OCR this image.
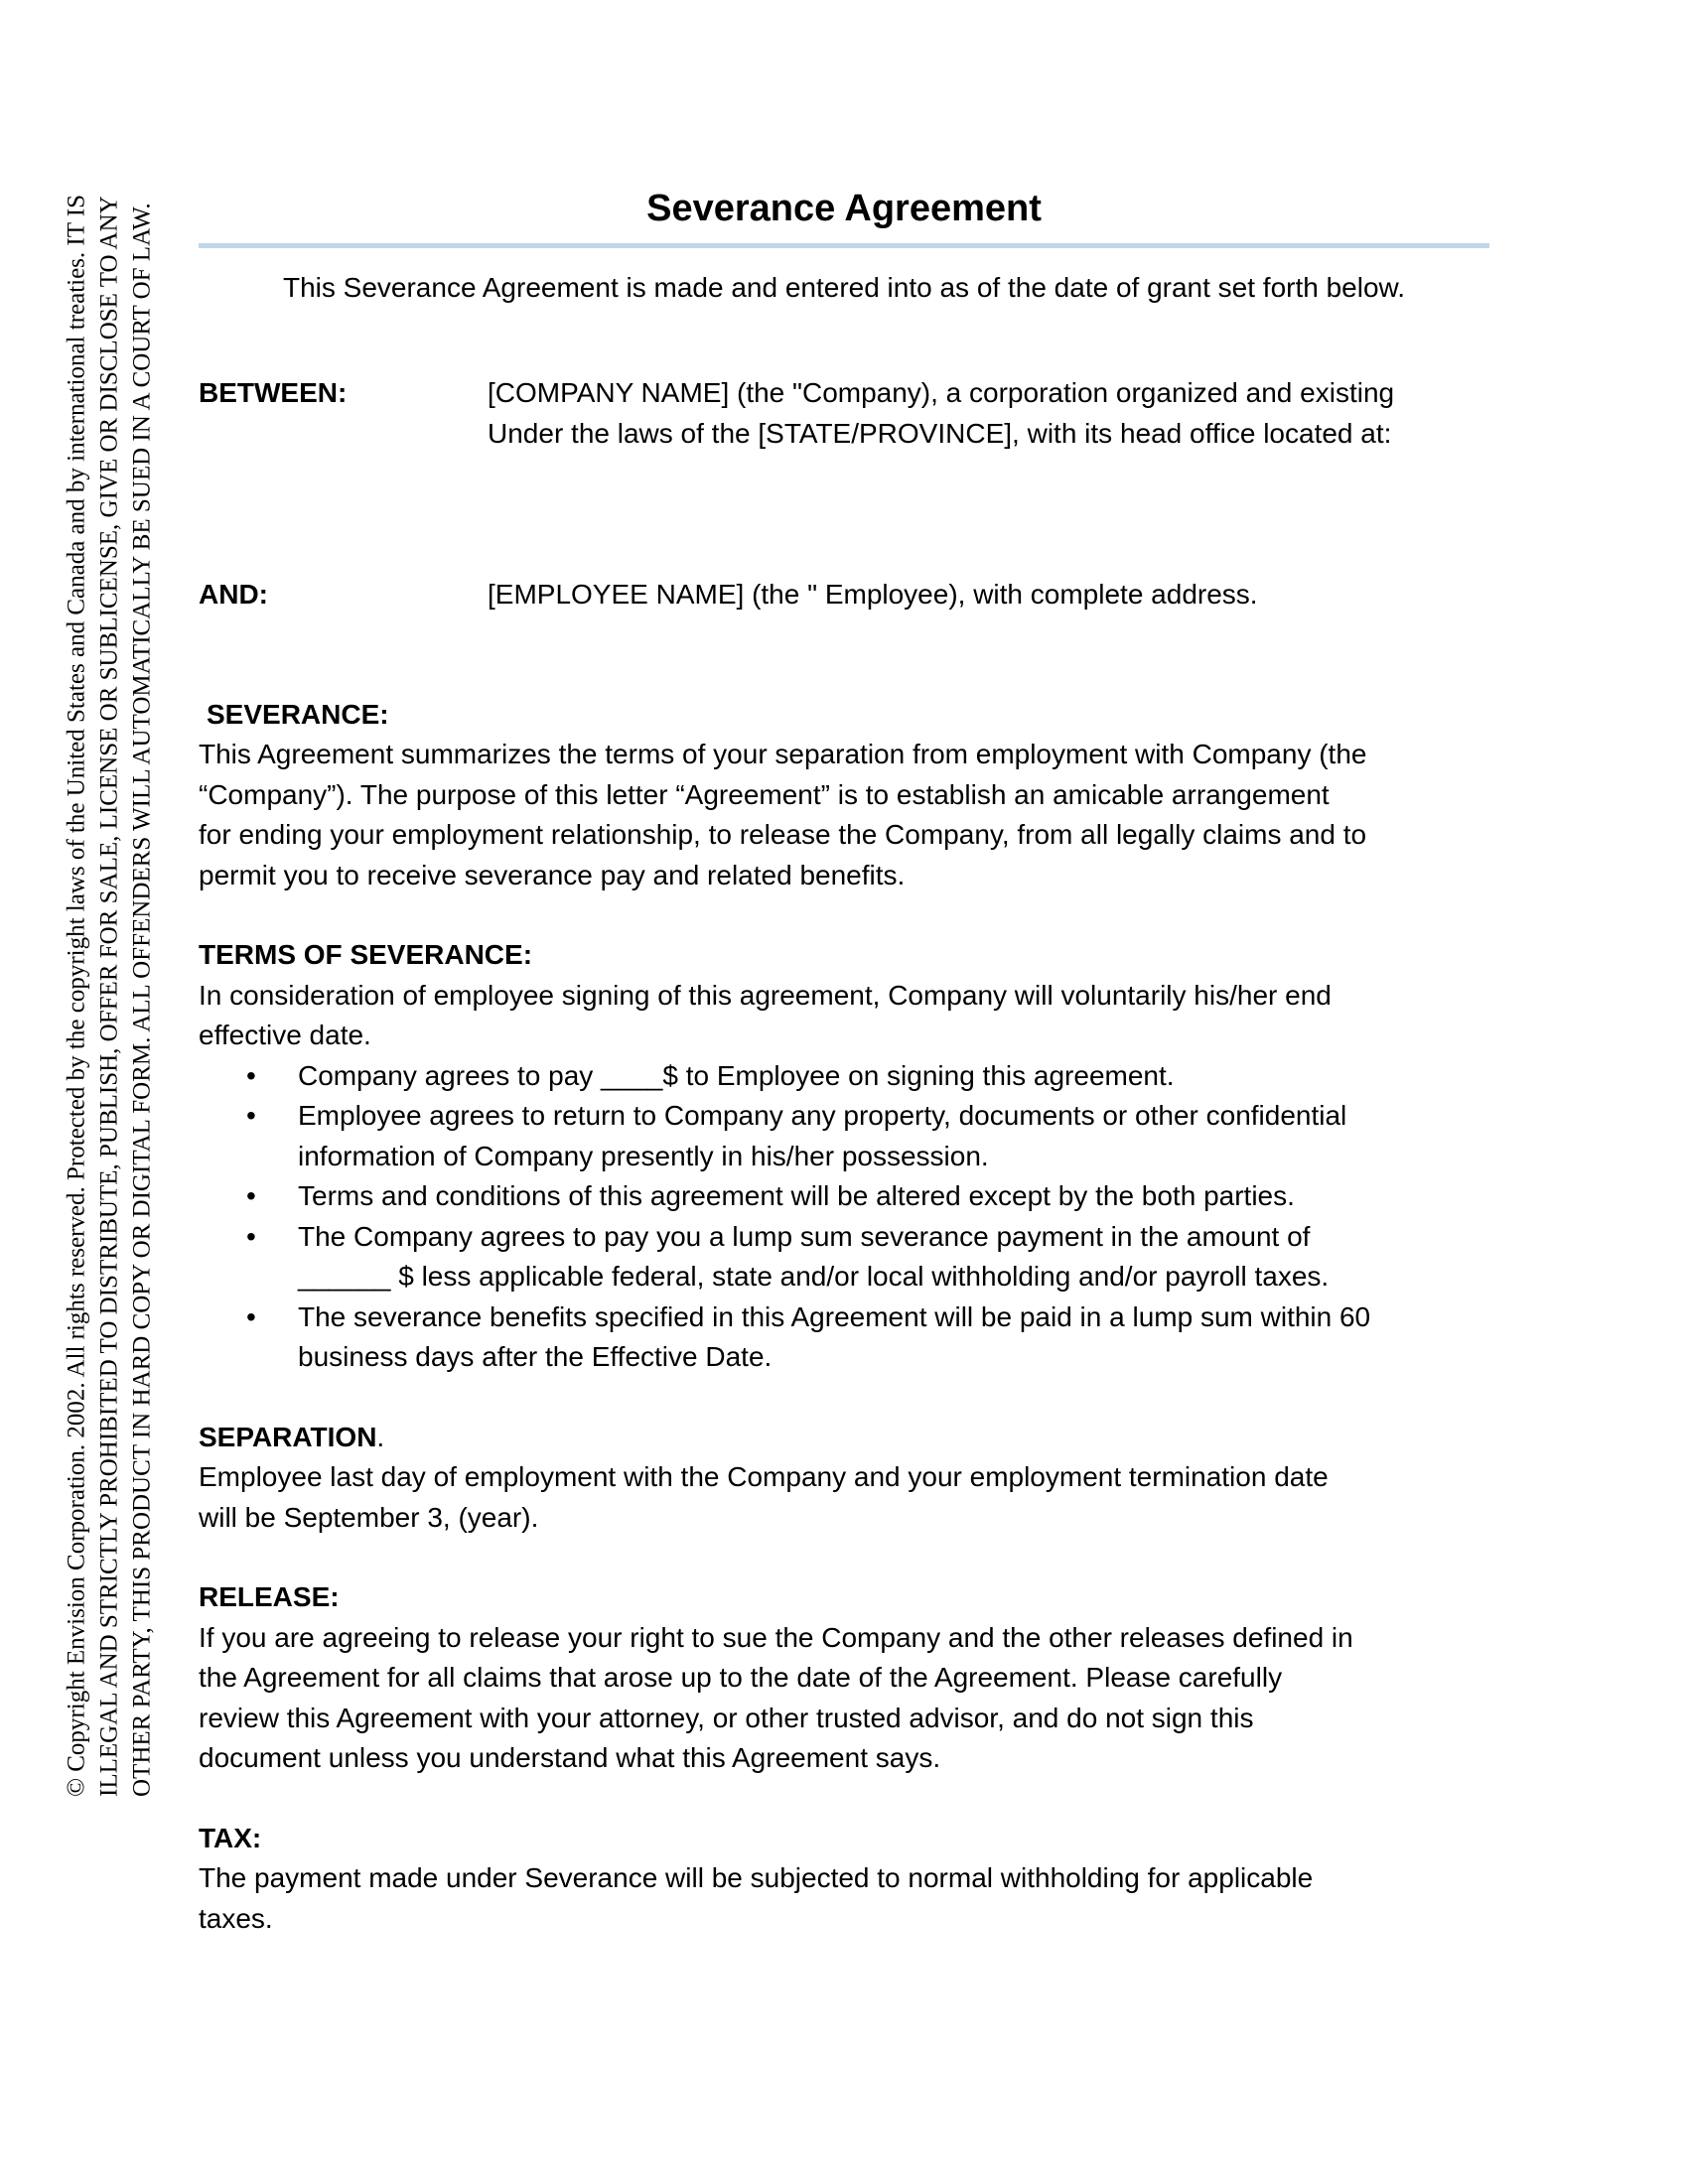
© Copyright Envision Corporation. 2002. All rights reserved. Protected by the copyright laws of the United States and Canada and by international treaties. IT IS ILLEGAL AND STRICTLY PROHIBITED TO DISTRIBUTE, PUBLISH, OFFER FOR SALE, LICENSE OR SUBLICENSE, GIVE OR DISCLOSE TO ANY OTHER PARTY, THIS PRODUCT IN HARD COPY OR DIGITAL FORM. ALL OFFENDERS WILL AUTOMATICALLY BE SUED IN A COURT OF LAW.	Severance Agreement

This Severance Agreement is made and entered into as of the date of grant set forth below.

BETWEEN:	[COMPANY NAME] (the "Company), a corporation organized and existing

Under the laws of the [STATE/PROVINCE], with its head office located at:

AND:	[EMPLOYEE NAME] (the " Employee), with complete address.

SEVERANCE:

This Agreement summarizes the terms of your separation from employment with Company (the

“Company”). The purpose of this letter “Agreement” is to establish an amicable arrangement

for ending your employment relationship, to release the Company, from all legally claims and to

permit you to receive severance pay and related benefits.

TERMS OF SEVERANCE:

In consideration of employee signing of this agreement, Company will voluntarily his/her end

effective date.

• Company agrees to pay ____$ to Employee on signing this agreement.

• Employee agrees to return to Company any property, documents or other confidential

information of Company presently in his/her possession.

• Terms and conditions of this agreement will be altered except by the both parties.

• The Company agrees to pay you a lump sum severance payment in the amount of

______ $ less applicable federal, state and/or local withholding and/or payroll taxes.

• The severance benefits specified in this Agreement will be paid in a lump sum within 60

business days after the Effective Date.

SEPARATION.

Employee last day of employment with the Company and your employment termination date

will be September 3, (year).

RELEASE:

If you are agreeing to release your right to sue the Company and the other releases defined in

the Agreement for all claims that arose up to the date of the Agreement. Please carefully

review this Agreement with your attorney, or other trusted advisor, and do not sign this

document unless you understand what this Agreement says.

TAX:

The payment made under Severance will be subjected to normal withholding for applicable

taxes.
